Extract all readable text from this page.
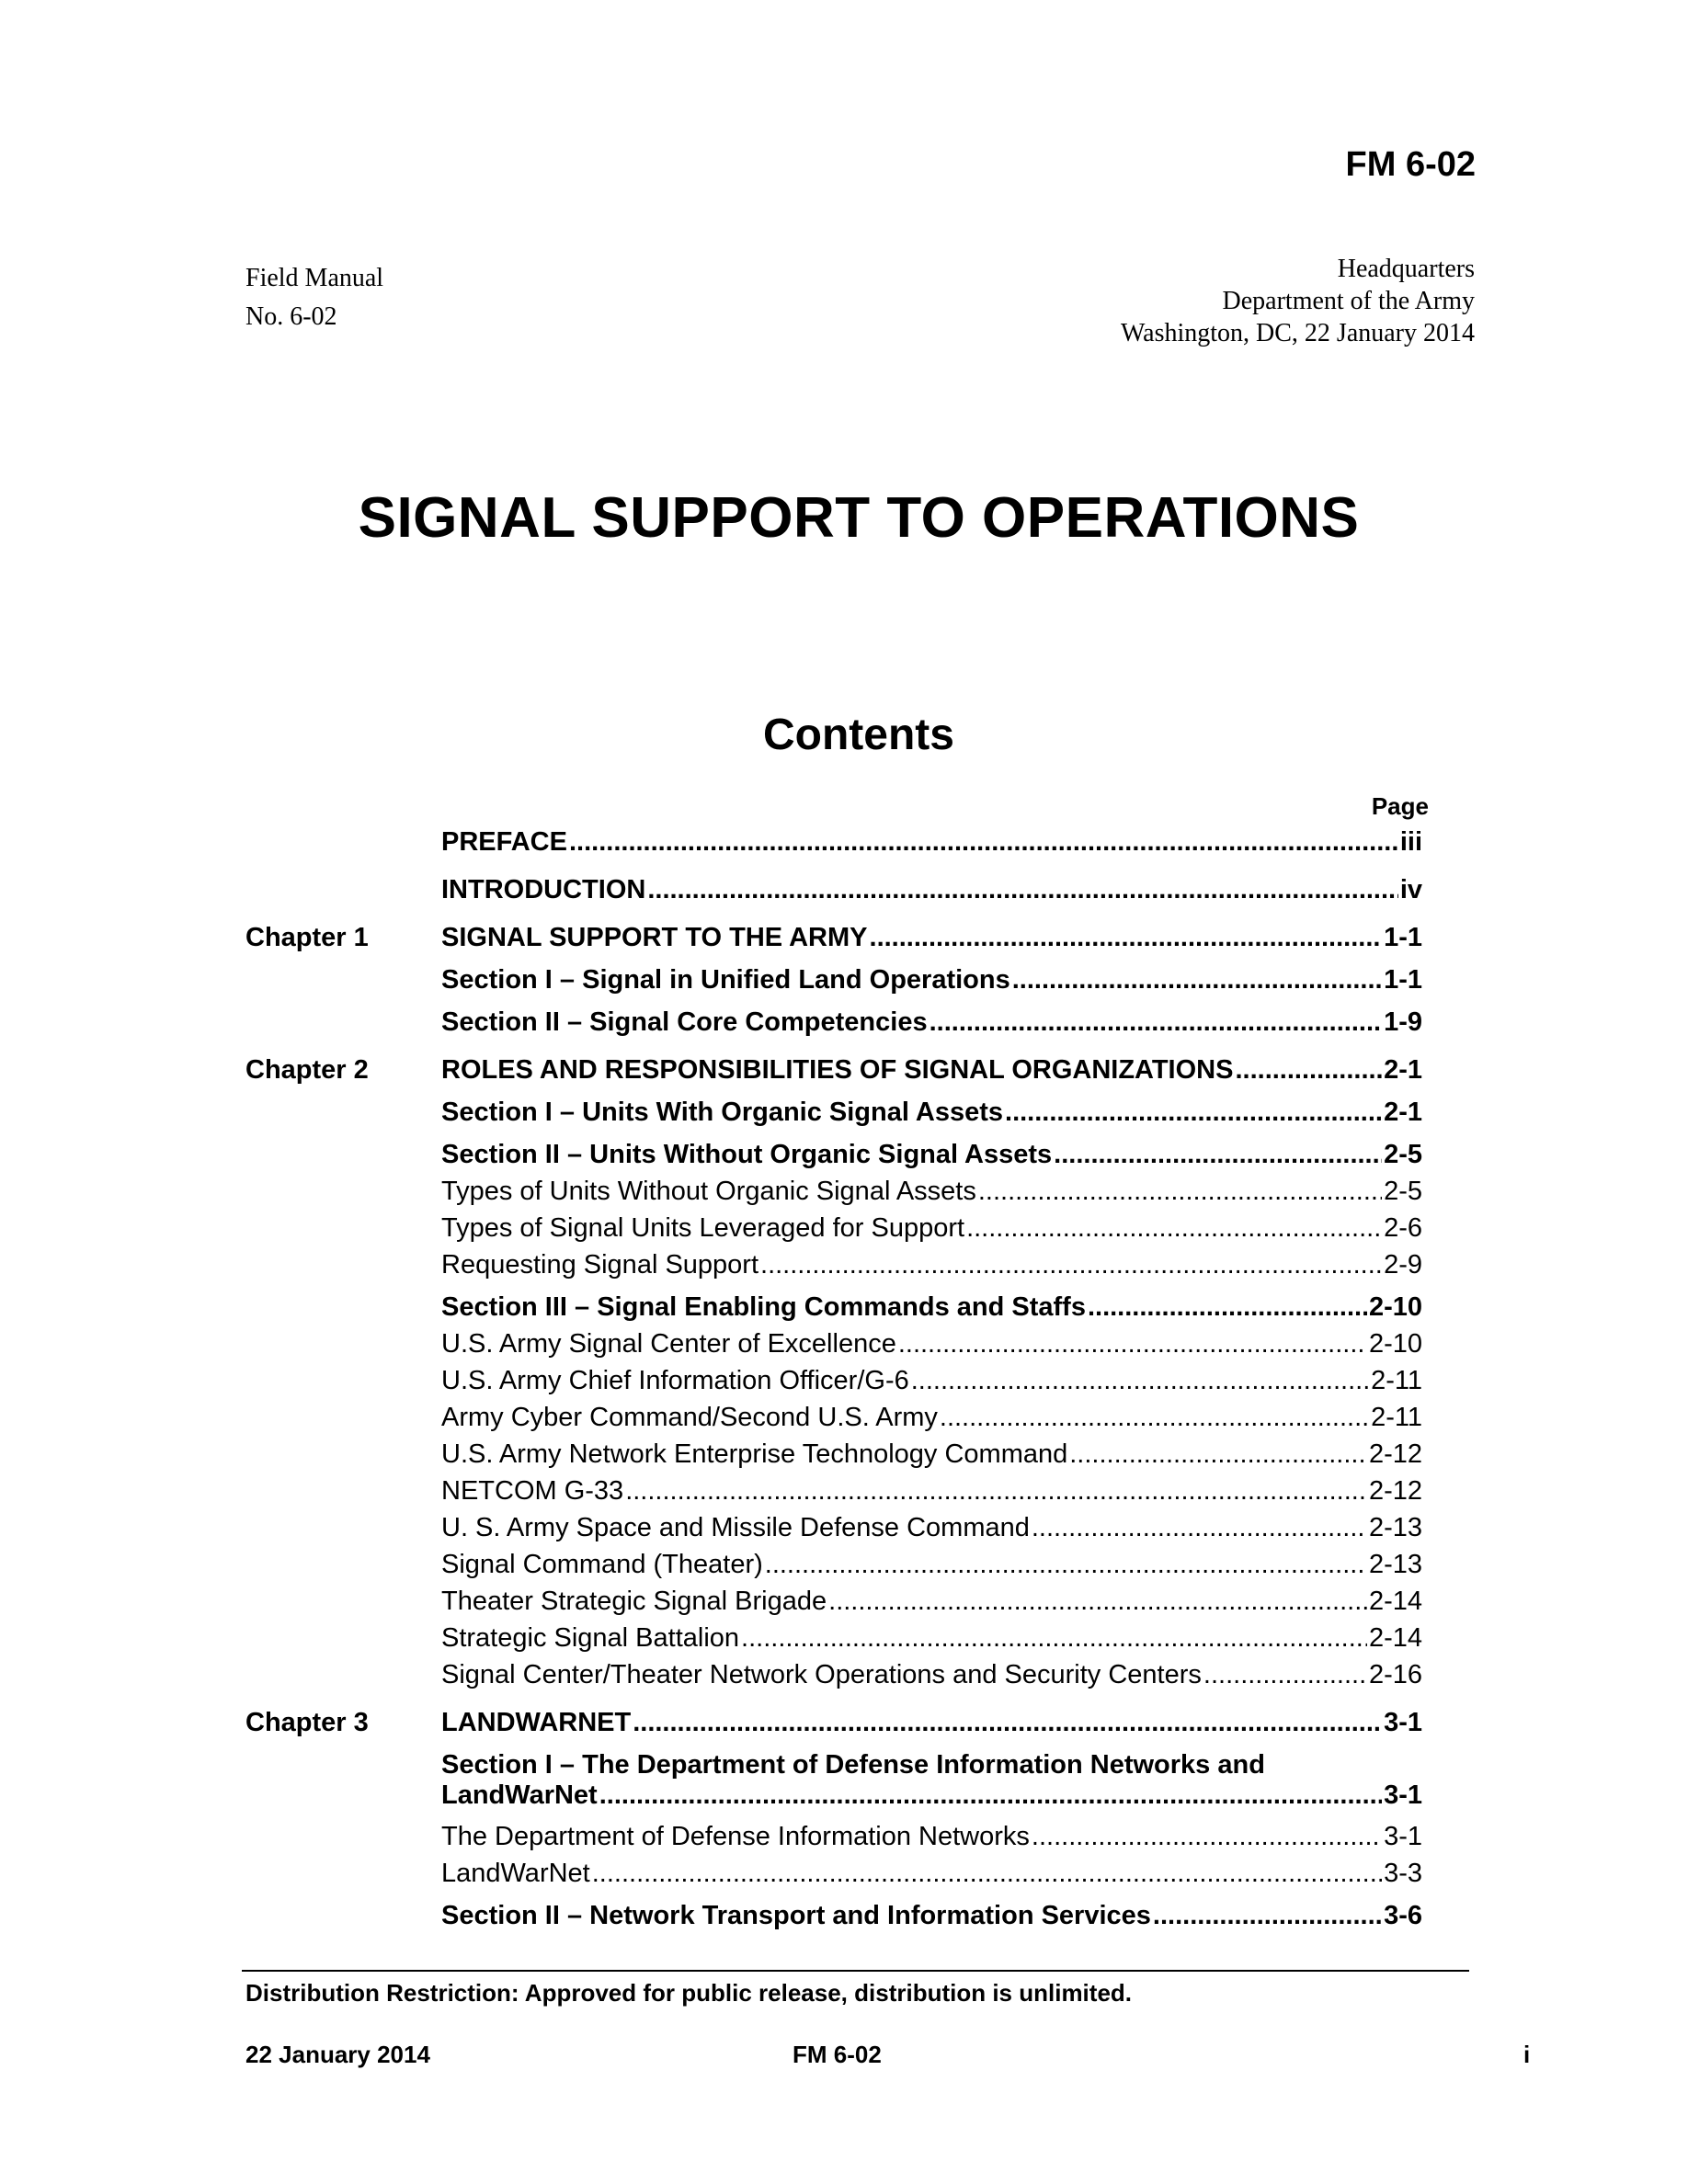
FM 6-02
Field Manual
No. 6-02
Headquarters
Department of the Army
Washington, DC, 22 January 2014
SIGNAL SUPPORT TO OPERATIONS
Contents
Page
PREFACE .....	iii
INTRODUCTION .....	iv
Chapter 1	SIGNAL SUPPORT TO THE ARMY .....	1-1
Section I – Signal in Unified Land Operations .....	1-1
Section II – Signal Core Competencies .....	1-9
Chapter 2	ROLES AND RESPONSIBILITIES OF SIGNAL ORGANIZATIONS .....	2-1
Section I – Units With Organic Signal Assets .....	2-1
Section II – Units Without Organic Signal Assets .....	2-5
Types of Units Without Organic Signal Assets .....	2-5
Types of Signal Units Leveraged for Support .....	2-6
Requesting Signal Support .....	2-9
Section III – Signal Enabling Commands and Staffs .....	2-10
U.S. Army Signal Center of Excellence .....	2-10
U.S. Army Chief Information Officer/G-6 .....	2-11
Army Cyber Command/Second U.S. Army .....	2-11
U.S. Army Network Enterprise Technology Command .....	2-12
NETCOM G-33 .....	2-12
U. S. Army Space and Missile Defense Command .....	2-13
Signal Command (Theater) .....	2-13
Theater Strategic Signal Brigade .....	2-14
Strategic Signal Battalion .....	2-14
Signal Center/Theater Network Operations and Security Centers .....	2-16
Chapter 3	LANDWARNET .....	3-1
Section I – The Department of Defense Information Networks and
LandWarNet .....	3-1
The Department of Defense Information Networks .....	3-1
LandWarNet .....	3-3
Section II – Network Transport and Information Services .....	3-6
Distribution Restriction: Approved for public release, distribution is unlimited.
22 January 2014	FM 6-02	i
